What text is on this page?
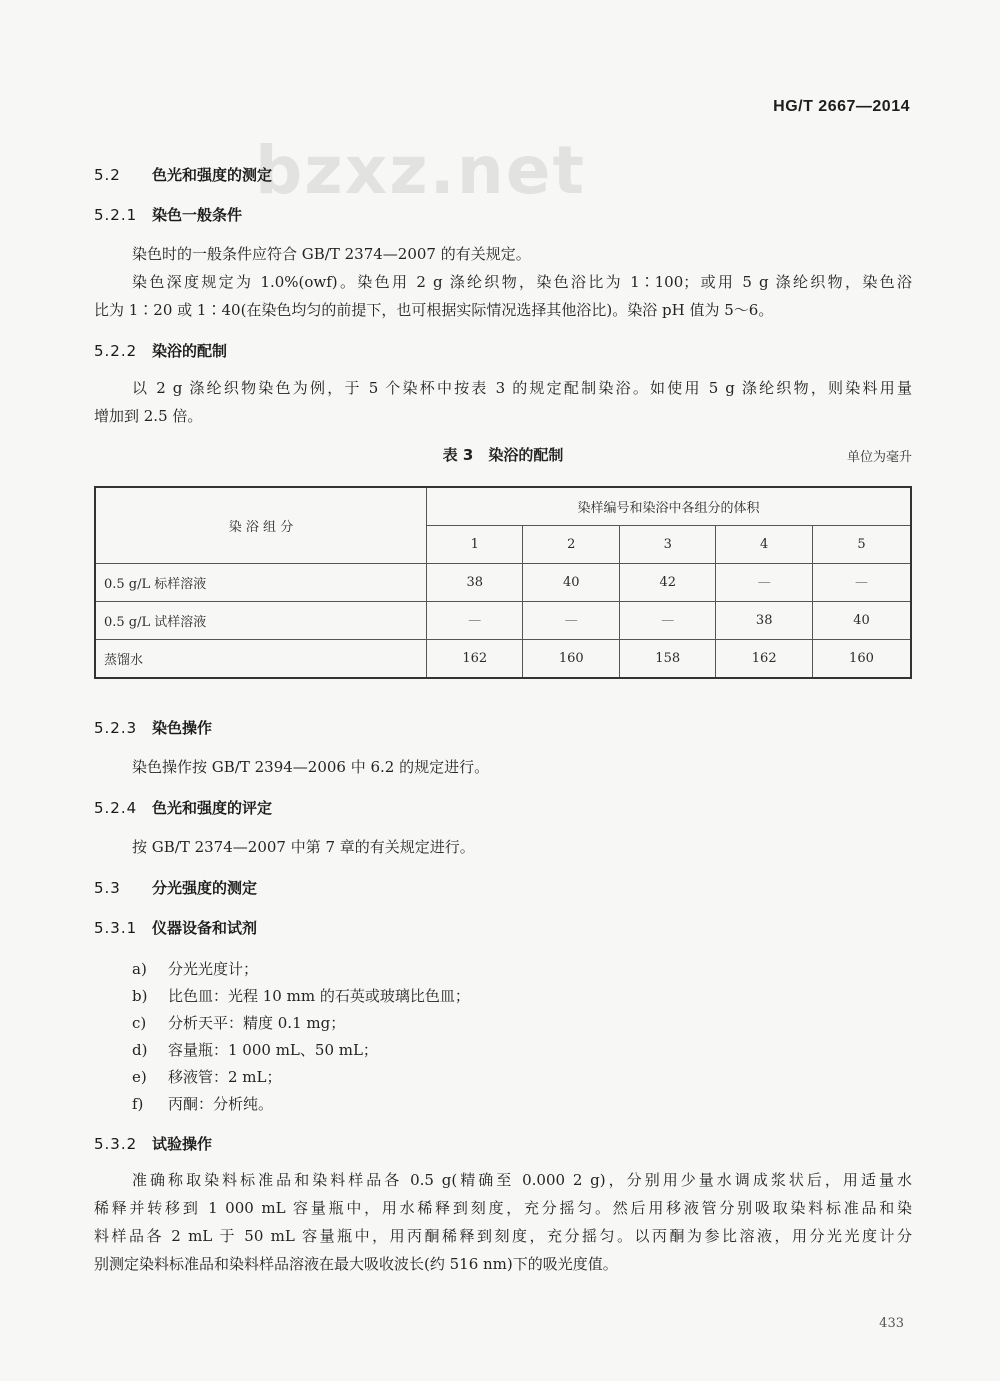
HG/T 2667—2014
bzxz.net
5.2 色光和强度的测定
5.2.1 染色一般条件
染色时的一般条件应符合 GB/T 2374—2007 的有关规定。
染色深度规定为 1.0%(owf)。染色用 2 g 涤纶织物，染色浴比为 1∶100；或用 5 g 涤纶织物，染色浴
比为 1∶20 或 1∶40(在染色均匀的前提下，也可根据实际情况选择其他浴比)。染浴 pH 值为 5～6。
5.2.2 染浴的配制
以 2 g 涤纶织物染色为例，于 5 个染杯中按表 3 的规定配制染浴。如使用 5 g 涤纶织物，则染料用量
增加到 2.5 倍。
表 3　染浴的配制	单位为毫升
染 浴 组 分	染样编号和染浴中各组分的体积				
	1	2	3	4	5
0.5 g/L 标样溶液	38	40	42	—	—
0.5 g/L 试样溶液	—	—	—	38	40
蒸馏水	162	160	158	162	160
5.2.3 染色操作
染色操作按 GB/T 2394—2006 中 6.2 的规定进行。
5.2.4 色光和强度的评定
按 GB/T 2374—2007 中第 7 章的有关规定进行。
5.3 分光强度的测定
5.3.1 仪器设备和试剂
a) 分光光度计；
b) 比色皿：光程 10 mm 的石英或玻璃比色皿；
c) 分析天平：精度 0.1 mg；
d) 容量瓶：1 000 mL、50 mL；
e) 移液管：2 mL；
f) 丙酮：分析纯。
5.3.2 试验操作
准确称取染料标准品和染料样品各 0.5 g(精确至 0.000 2 g)，分别用少量水调成浆状后，用适量水
稀释并转移到 1 000 mL 容量瓶中，用水稀释到刻度，充分摇匀。然后用移液管分别吸取染料标准品和染
料样品各 2 mL 于 50 mL 容量瓶中，用丙酮稀释到刻度，充分摇匀。以丙酮为参比溶液，用分光光度计分
别测定染料标准品和染料样品溶液在最大吸收波长(约 516 nm)下的吸光度值。
433
